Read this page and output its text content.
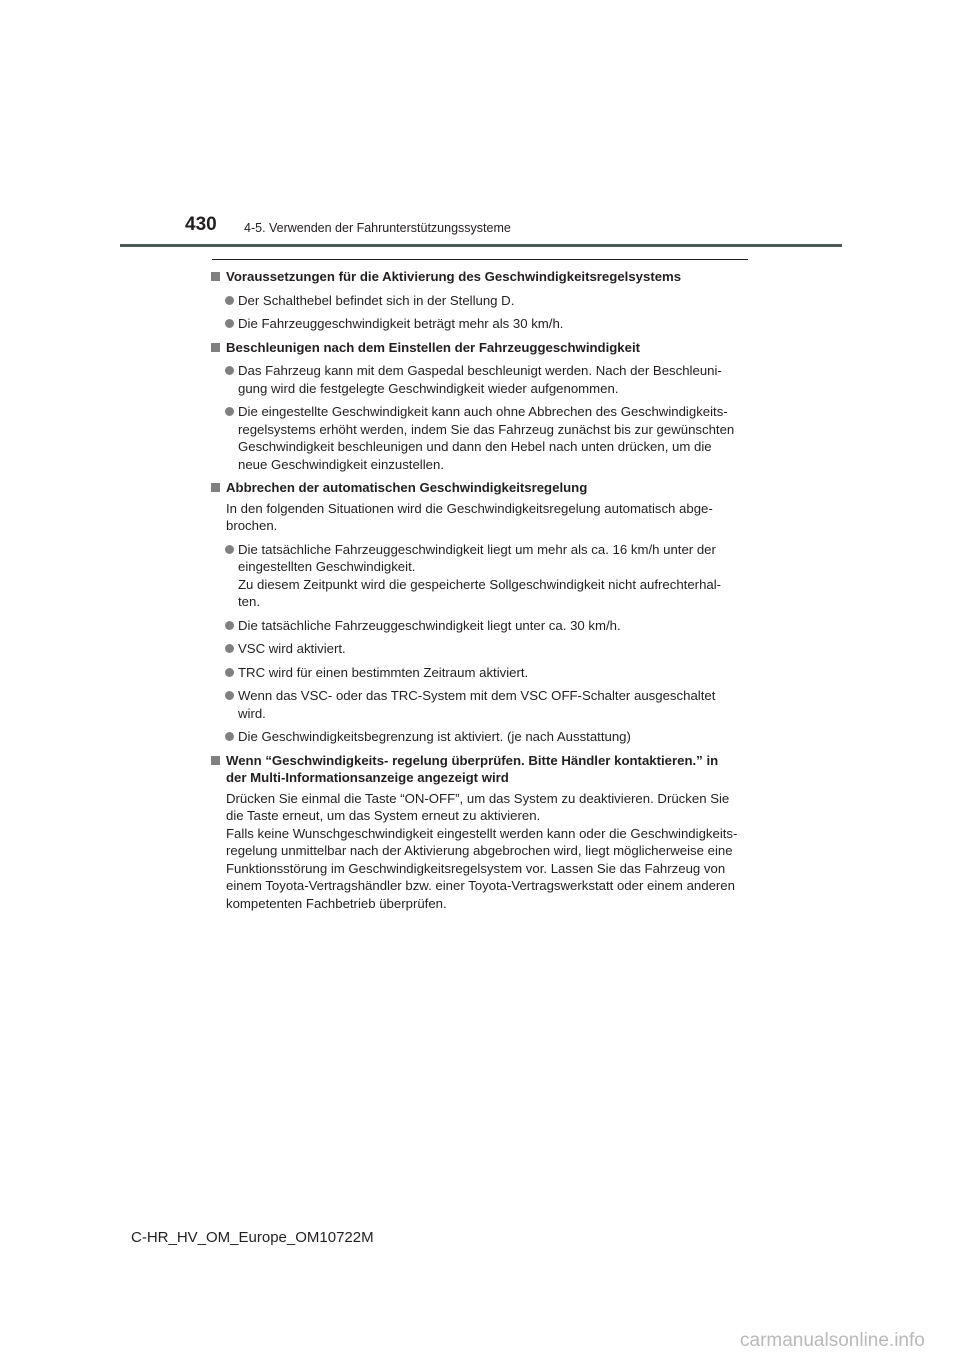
430 4-5. Verwenden der Fahrunterstützungssysteme
Voraussetzungen für die Aktivierung des Geschwindigkeitsregelsystems
Der Schalthebel befindet sich in der Stellung D.
Die Fahrzeuggeschwindigkeit beträgt mehr als 30 km/h.
Beschleunigen nach dem Einstellen der Fahrzeuggeschwindigkeit
Das Fahrzeug kann mit dem Gaspedal beschleunigt werden. Nach der Beschleuni-
gung wird die festgelegte Geschwindigkeit wieder aufgenommen.
Die eingestellte Geschwindigkeit kann auch ohne Abbrechen des Geschwindigkeits-
regelsystems erhöht werden, indem Sie das Fahrzeug zunächst bis zur gewünschten
Geschwindigkeit beschleunigen und dann den Hebel nach unten drücken, um die
neue Geschwindigkeit einzustellen.
Abbrechen der automatischen Geschwindigkeitsregelung
In den folgenden Situationen wird die Geschwindigkeitsregelung automatisch abge-
brochen.
Die tatsächliche Fahrzeuggeschwindigkeit liegt um mehr als ca. 16 km/h unter der
eingestellten Geschwindigkeit.
Zu diesem Zeitpunkt wird die gespeicherte Sollgeschwindigkeit nicht aufrechterhal-
ten.
Die tatsächliche Fahrzeuggeschwindigkeit liegt unter ca. 30 km/h.
VSC wird aktiviert.
TRC wird für einen bestimmten Zeitraum aktiviert.
Wenn das VSC- oder das TRC-System mit dem VSC OFF-Schalter ausgeschaltet
wird.
Die Geschwindigkeitsbegrenzung ist aktiviert. (je nach Ausstattung)
Wenn “Geschwindigkeits- regelung überprüfen. Bitte Händler kontaktieren.” in
der Multi-Informationsanzeige angezeigt wird
Drücken Sie einmal die Taste “ON-OFF”, um das System zu deaktivieren. Drücken Sie
die Taste erneut, um das System erneut zu aktivieren.
Falls keine Wunschgeschwindigkeit eingestellt werden kann oder die Geschwindigkeits-
regelung unmittelbar nach der Aktivierung abgebrochen wird, liegt möglicherweise eine
Funktionsstörung im Geschwindigkeitsregelsystem vor. Lassen Sie das Fahrzeug von
einem Toyota-Vertragshändler bzw. einer Toyota-Vertragswerkstatt oder einem anderen
kompetenten Fachbetrieb überprüfen.
C-HR_HV_OM_Europe_OM10722M
carmanualsonline.info
